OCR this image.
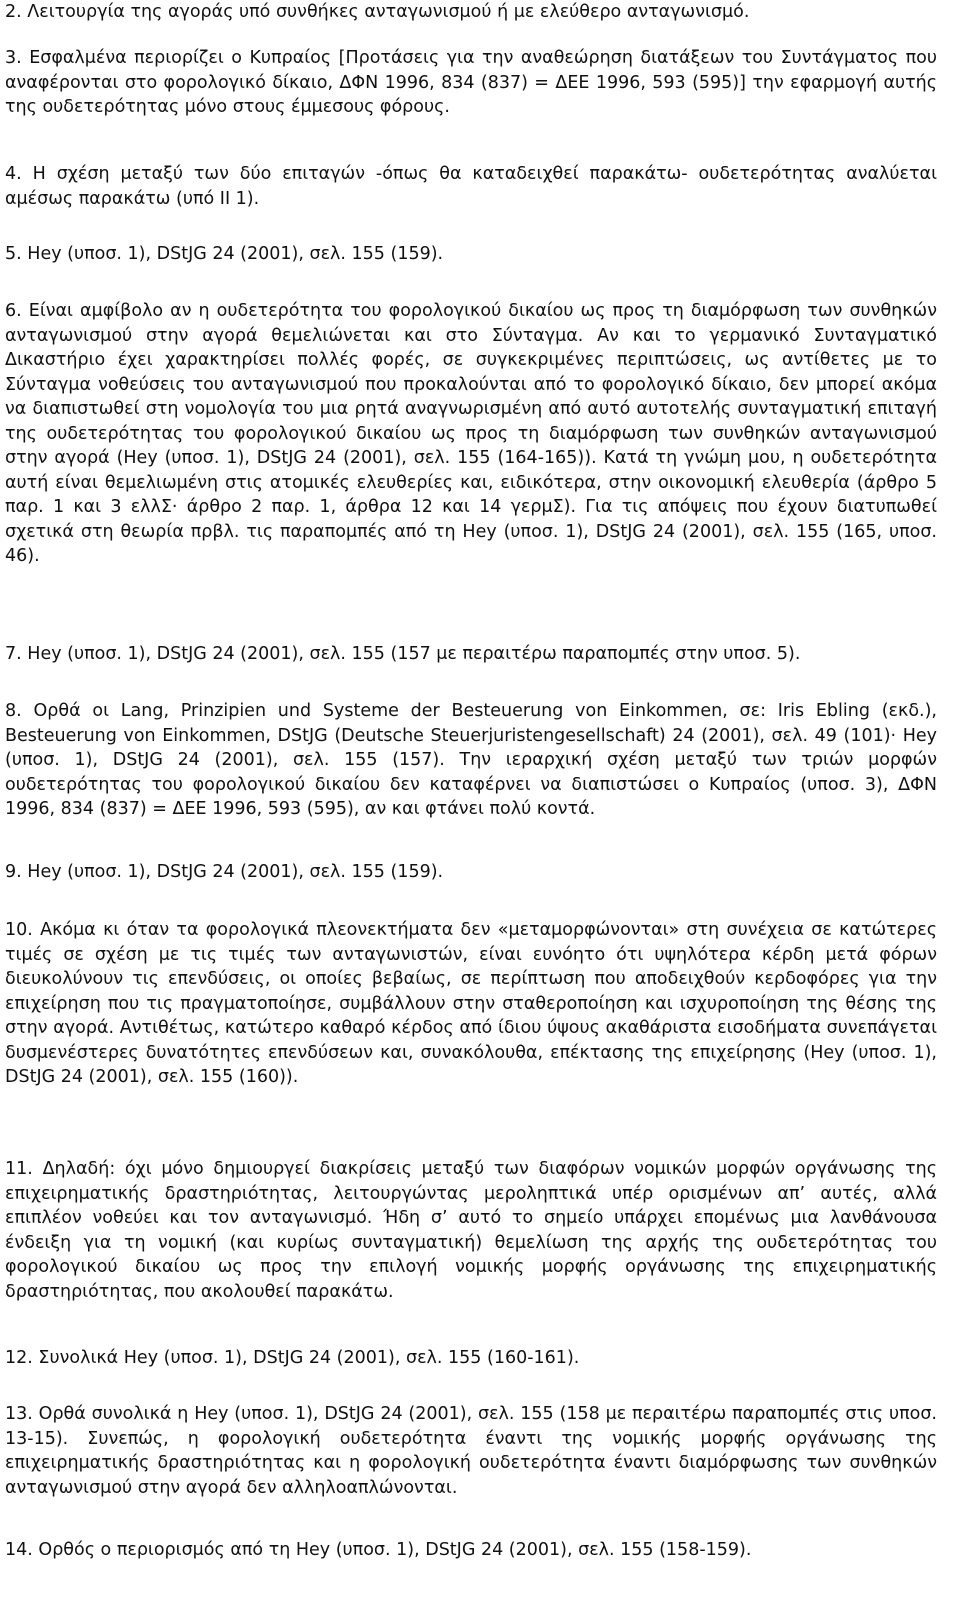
2. Λειτουργία της αγοράς υπό συνθήκες ανταγωνισμού ή με ελεύθερο ανταγωνισμό.

3. Εσφαλμένα περιορίζει ο Κυπραίος [Προτάσεις για την αναθεώρηση διατάξεων του Συντάγματος που αναφέρονται στο φορολογικό δίκαιο, ΔΦΝ 1996, 834 (837) = ΔΕΕ 1996, 593 (595)] την εφαρμογή αυτής της ουδετερότητας μόνο στους έμμεσους φόρους.

4. Η σχέση μεταξύ των δύο επιταγών -όπως θα καταδειχθεί παρακάτω- ουδετερότητας αναλύεται αμέσως παρακάτω (υπό ΙΙ 1).

5. Hey (υποσ. 1), DStJG 24 (2001), σελ. 155 (159).

6. Είναι αμφίβολο αν η ουδετερότητα του φορολογικού δικαίου ως προς τη διαμόρφωση των συνθηκών ανταγωνισμού στην αγορά θεμελιώνεται και στο Σύνταγμα. Αν και το γερμανικό Συνταγματικό Δικαστήριο έχει χαρακτηρίσει πολλές φορές, σε συγκεκριμένες περιπτώσεις, ως αντίθετες με το Σύνταγμα νοθεύσεις του ανταγωνισμού που προκαλούνται από το φορολογικό δίκαιο, δεν μπορεί ακόμα να διαπιστωθεί στη νομολογία του μια ρητά αναγνωρισμένη από αυτό αυτοτελής συνταγματική επιταγή της ουδετερότητας του φορολογικού δικαίου ως προς τη διαμόρφωση των συνθηκών ανταγωνισμού στην αγορά (Hey (υποσ. 1), DStJG 24 (2001), σελ. 155 (164-165)). Κατά τη γνώμη μου, η ουδετερότητα αυτή είναι θεμελιωμένη στις ατομικές ελευθερίες και, ειδικότερα, στην οικονομική ελευθερία (άρθρο 5 παρ. 1 και 3 ελλΣ· άρθρο 2 παρ. 1, άρθρα 12 και 14 γερμΣ). Για τις απόψεις που έχουν διατυπωθεί σχετικά στη θεωρία πρβλ. τις παραπομπές από τη Hey (υποσ. 1), DStJG 24 (2001), σελ. 155 (165, υποσ. 46).

7. Hey (υποσ. 1), DStJG 24 (2001), σελ. 155 (157 με περαιτέρω παραπομπές στην υποσ. 5).

8. Ορθά οι Lang, Prinzipien und Systeme der Besteuerung von Einkommen, σε: Iris Ebling (εκδ.), Besteuerung von Einkommen, DStJG (Deutsche Steuerjuristengesellschaft) 24 (2001), σελ. 49 (101)· Hey (υποσ. 1), DStJG 24 (2001), σελ. 155 (157). Την ιεραρχική σχέση μεταξύ των τριών μορφών ουδετερότητας του φορολογικού δικαίου δεν καταφέρνει να διαπιστώσει ο Κυπραίος (υποσ. 3), ΔΦΝ 1996, 834 (837) = ΔΕΕ 1996, 593 (595), αν και φτάνει πολύ κοντά.

9. Hey (υποσ. 1), DStJG 24 (2001), σελ. 155 (159).

10. Ακόμα κι όταν τα φορολογικά πλεονεκτήματα δεν «μεταμορφώνονται» στη συνέχεια σε κατώτερες τιμές σε σχέση με τις τιμές των ανταγωνιστών, είναι ευνόητο ότι υψηλότερα κέρδη μετά φόρων διευκολύνουν τις επενδύσεις, οι οποίες βεβαίως, σε περίπτωση που αποδειχθούν κερδοφόρες για την επιχείρηση που τις πραγματοποίησε, συμβάλλουν στην σταθεροποίηση και ισχυροποίηση της θέσης της στην αγορά. Αντιθέτως, κατώτερο καθαρό κέρδος από ίδιου ύψους ακαθάριστα εισοδήματα συνεπάγεται δυσμενέστερες δυνατότητες επενδύσεων και, συνακόλουθα, επέκτασης της επιχείρησης (Hey (υποσ. 1), DStJG 24 (2001), σελ. 155 (160)).

11. Δηλαδή: όχι μόνο δημιουργεί διακρίσεις μεταξύ των διαφόρων νομικών μορφών οργάνωσης της επιχειρηματικής δραστηριότητας, λειτουργώντας μεροληπτικά υπέρ ορισμένων απ’ αυτές, αλλά επιπλέον νοθεύει και τον ανταγωνισμό. Ήδη σ’ αυτό το σημείο υπάρχει επομένως μια λανθάνουσα ένδειξη για τη νομική (και κυρίως συνταγματική) θεμελίωση της αρχής της ουδετερότητας του φορολογικού δικαίου ως προς την επιλογή νομικής μορφής οργάνωσης της επιχειρηματικής δραστηριότητας, που ακολουθεί παρακάτω.

12. Συνολικά Hey (υποσ. 1), DStJG 24 (2001), σελ. 155 (160-161).

13. Ορθά συνολικά η Hey (υποσ. 1), DStJG 24 (2001), σελ. 155 (158 με περαιτέρω παραπομπές στις υποσ. 13-15). Συνεπώς, η φορολογική ουδετερότητα έναντι της νομικής μορφής οργάνωσης της επιχειρηματικής δραστηριότητας και η φορολογική ουδετερότητα έναντι διαμόρφωσης των συνθηκών ανταγωνισμού στην αγορά δεν αλληλοαπλώνονται.

14. Ορθός ο περιορισμός από τη Hey (υποσ. 1), DStJG 24 (2001), σελ. 155 (158-159).
